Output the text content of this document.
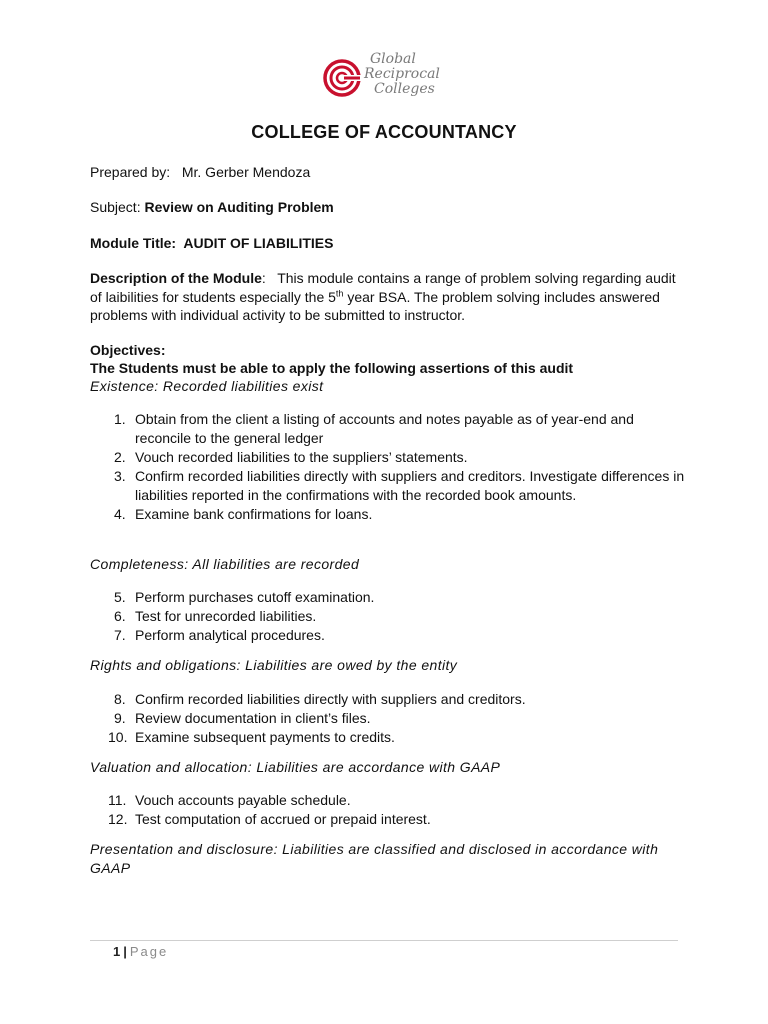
Global
Reciprocal
Colleges
COLLEGE OF ACCOUNTANCY
Prepared by: Mr. Gerber Mendoza
Subject: Review on Auditing Problem
Module Title: AUDIT OF LIABILITIES
Description of the Module:   This module contains a range of problem solving regarding audit of laibilities for students especially the 5th year BSA. The problem solving includes answered problems with individual activity to be submitted to instructor.
Objectives:
The Students must be able to apply the following assertions of this audit
Existence: Recorded liabilities exist
1. Obtain from the client a listing of accounts and notes payable as of year-end and reconcile to the general ledger
2. Vouch recorded liabilities to the suppliers’ statements.
3. Confirm recorded liabilities directly with suppliers and creditors. Investigate differences in liabilities reported in the confirmations with the recorded book amounts.
4. Examine bank confirmations for loans.
Completeness: All liabilities are recorded
5. Perform purchases cutoff examination.
6. Test for unrecorded liabilities.
7. Perform analytical procedures.
Rights and obligations: Liabilities are owed by the entity
8. Confirm recorded liabilities directly with suppliers and creditors.
9. Review documentation in client’s files.
10. Examine subsequent payments to credits.
Valuation and allocation: Liabilities are accordance with GAAP
11. Vouch accounts payable schedule.
12. Test computation of accrued or prepaid interest.
Presentation and disclosure: Liabilities are classified and disclosed in accordance with GAAP
1 | Page
